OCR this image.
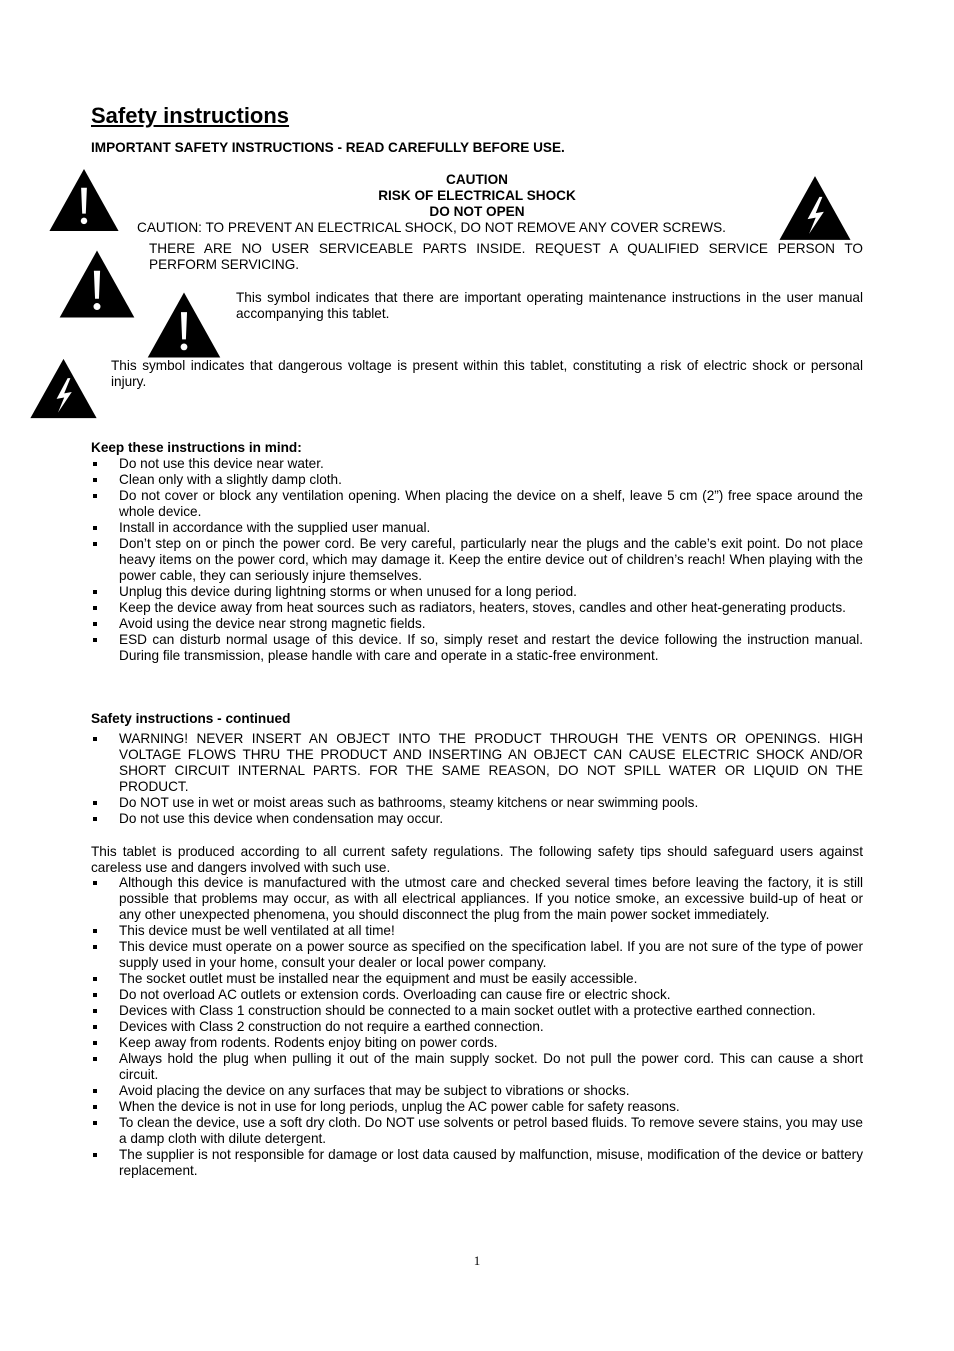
Safety instructions
IMPORTANT SAFETY INSTRUCTIONS - READ CAREFULLY BEFORE USE.
CAUTION
RISK OF ELECTRICAL SHOCK
DO NOT OPEN
CAUTION: TO PREVENT AN ELECTRICAL SHOCK, DO NOT REMOVE ANY COVER SCREWS.
THERE ARE NO USER SERVICEABLE PARTS INSIDE. REQUEST A QUALIFIED SERVICE PERSON TO PERFORM SERVICING.
This symbol indicates that there are important operating maintenance instructions in the user manual accompanying this tablet.
This symbol indicates that dangerous voltage is present within this tablet, constituting a risk of electric shock or personal injury.
Keep these instructions in mind:
Do not use this device near water.
Clean only with a slightly damp cloth.
Do not cover or block any ventilation opening. When placing the device on a shelf, leave 5 cm (2”) free space around the whole device.
Install in accordance with the supplied user manual.
Don’t step on or pinch the power cord. Be very careful, particularly near the plugs and the cable’s exit point. Do not place heavy items on the power cord, which may damage it. Keep the entire device out of children’s reach! When playing with the power cable, they can seriously injure themselves.
Unplug this device during lightning storms or when unused for a long period.
Keep the device away from heat sources such as radiators, heaters, stoves, candles and other heat-generating products.
Avoid using the device near strong magnetic fields.
ESD can disturb normal usage of this device. If so, simply reset and restart the device following the instruction manual. During file transmission, please handle with care and operate in a static-free environment.
Safety instructions - continued
WARNING! NEVER INSERT AN OBJECT INTO THE PRODUCT THROUGH THE VENTS OR OPENINGS. HIGH VOLTAGE FLOWS THRU THE PRODUCT AND INSERTING AN OBJECT CAN CAUSE ELECTRIC SHOCK AND/OR SHORT CIRCUIT INTERNAL PARTS. FOR THE SAME REASON, DO NOT SPILL WATER OR LIQUID ON THE PRODUCT.
Do NOT use in wet or moist areas such as bathrooms, steamy kitchens or near swimming pools.
Do not use this device when condensation may occur.
This tablet is produced according to all current safety regulations. The following safety tips should safeguard users against careless use and dangers involved with such use.
Although this device is manufactured with the utmost care and checked several times before leaving the factory, it is still possible that problems may occur, as with all electrical appliances. If you notice smoke, an excessive build-up of heat or any other unexpected phenomena, you should disconnect the plug from the main power socket immediately.
This device must be well ventilated at all time!
This device must operate on a power source as specified on the specification label. If you are not sure of the type of power supply used in your home, consult your dealer or local power company.
The socket outlet must be installed near the equipment and must be easily accessible.
Do not overload AC outlets or extension cords. Overloading can cause fire or electric shock.
Devices with Class 1 construction should be connected to a main socket outlet with a protective earthed connection.
Devices with Class 2 construction do not require a earthed connection.
Keep away from rodents. Rodents enjoy biting on power cords.
Always hold the plug when pulling it out of the main supply socket. Do not pull the power cord. This can cause a short circuit.
Avoid placing the device on any surfaces that may be subject to vibrations or shocks.
When the device is not in use for long periods, unplug the AC power cable for safety reasons.
To clean the device, use a soft dry cloth. Do NOT use solvents or petrol based fluids. To remove severe stains, you may use a damp cloth with dilute detergent.
The supplier is not responsible for damage or lost data caused by malfunction, misuse, modification of the device or battery replacement.
1
